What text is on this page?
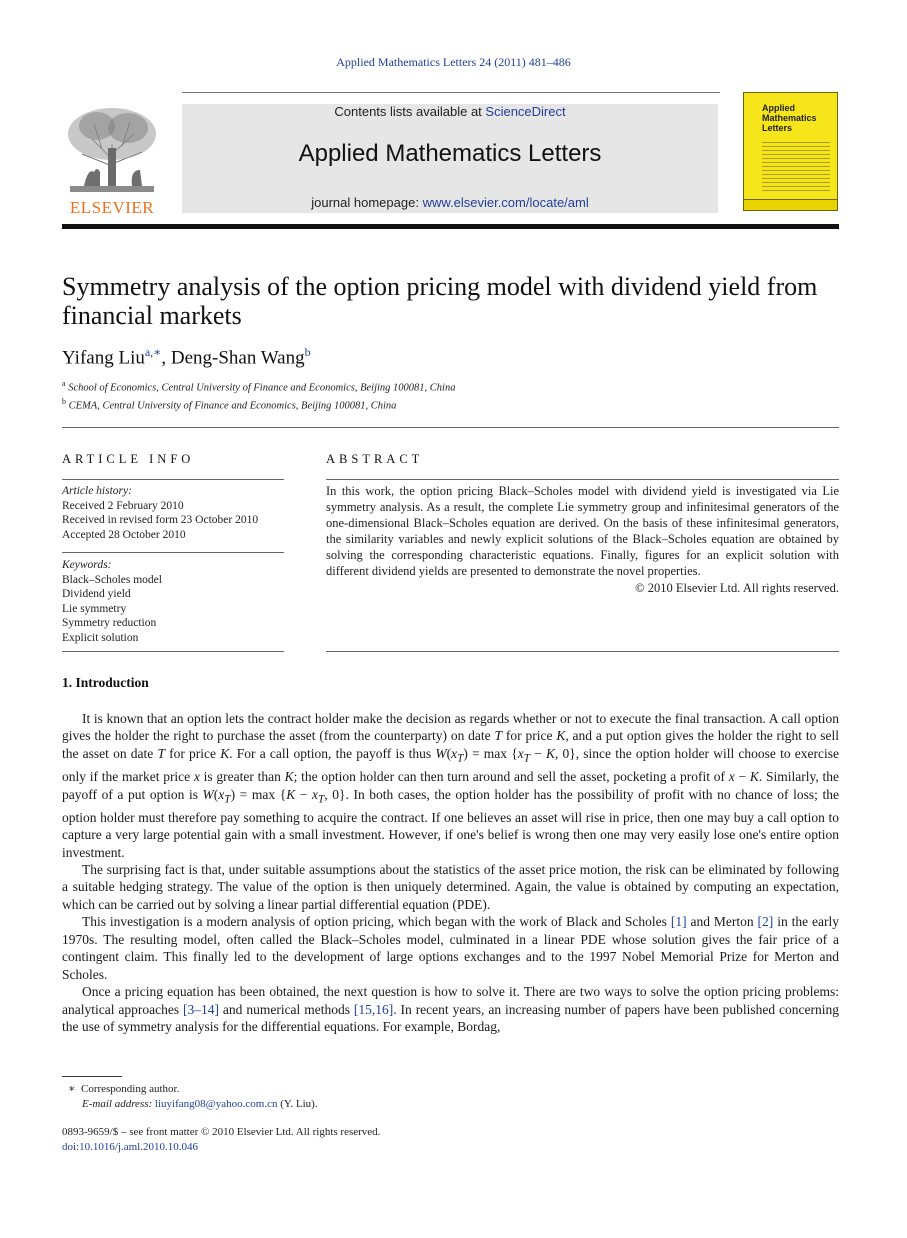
Applied Mathematics Letters 24 (2011) 481–486
ELSEVIER
Contents lists available at ScienceDirect
Applied Mathematics Letters
journal homepage: www.elsevier.com/locate/aml
Applied Mathematics Letters
Symmetry analysis of the option pricing model with dividend yield from financial markets
Yifang Liu$^{a,∗}$, Deng-Shan Wang$^b$
$^a$ School of Economics, Central University of Finance and Economics, Beijing 100081, China
$^b$ CEMA, Central University of Finance and Economics, Beijing 100081, China
ARTICLE INFO	ABSTRACT
Article history:
Received 2 February 2010
Received in revised form 23 October 2010
Accepted 28 October 2010
Keywords:
Black–Scholes model
Dividend yield
Lie symmetry
Symmetry reduction
Explicit solution
In this work, the option pricing Black–Scholes model with dividend yield is investigated via Lie symmetry analysis. As a result, the complete Lie symmetry group and infinitesimal generators of the one-dimensional Black–Scholes equation are derived. On the basis of these infinitesimal generators, the similarity variables and newly explicit solutions of the Black–Scholes equation are obtained by solving the corresponding characteristic equations. Finally, figures for an explicit solution with different dividend yields are presented to demonstrate the novel properties.
© 2010 Elsevier Ltd. All rights reserved.
1. Introduction

It is known that an option lets the contract holder make the decision as regards whether or not to execute the final transaction. A call option gives the holder the right to purchase the asset (from the counterparty) on date T for price K, and a put option gives the holder the right to sell the asset on date T for price K. For a call option, the payoff is thus $W(x_T) = \max \{x_T - K$, 0}, since the option holder will choose to exercise only if the market price x is greater than K; the option holder can then turn around and sell the asset, pocketing a profit of x − K. Similarly, the payoff of a put option is $W(x_T) = \max \{K - x_T$, 0}. In both cases, the option holder has the possibility of profit with no chance of loss; the option holder must therefore pay something to acquire the contract. If one believes an asset will rise in price, then one may buy a call option to capture a very large potential gain with a small investment. However, if one's belief is wrong then one may very easily lose one's entire option investment.

The surprising fact is that, under suitable assumptions about the statistics of the asset price motion, the risk can be eliminated by following a suitable hedging strategy. The value of the option is then uniquely determined. Again, the value is obtained by computing an expectation, which can be carried out by solving a linear partial differential equation (PDE).

This investigation is a modern analysis of option pricing, which began with the work of Black and Scholes [1] and Merton [2] in the early 1970s. The resulting model, often called the Black–Scholes model, culminated in a linear PDE whose solution gives the fair price of a contingent claim. This finally led to the development of large options exchanges and to the 1997 Nobel Memorial Prize for Merton and Scholes.

Once a pricing equation has been obtained, the next question is how to solve it. There are two ways to solve the option pricing problems: analytical approaches [3–14] and numerical methods [15,16]. In recent years, an increasing number of papers have been published concerning the use of symmetry analysis for the differential equations. For example, Bordag,

∗ Corresponding author.
E-mail address: liuyifang08@yahoo.com.cn (Y. Liu).
0893-9659/$ – see front matter © 2010 Elsevier Ltd. All rights reserved.
doi:10.1016/j.aml.2010.10.046
